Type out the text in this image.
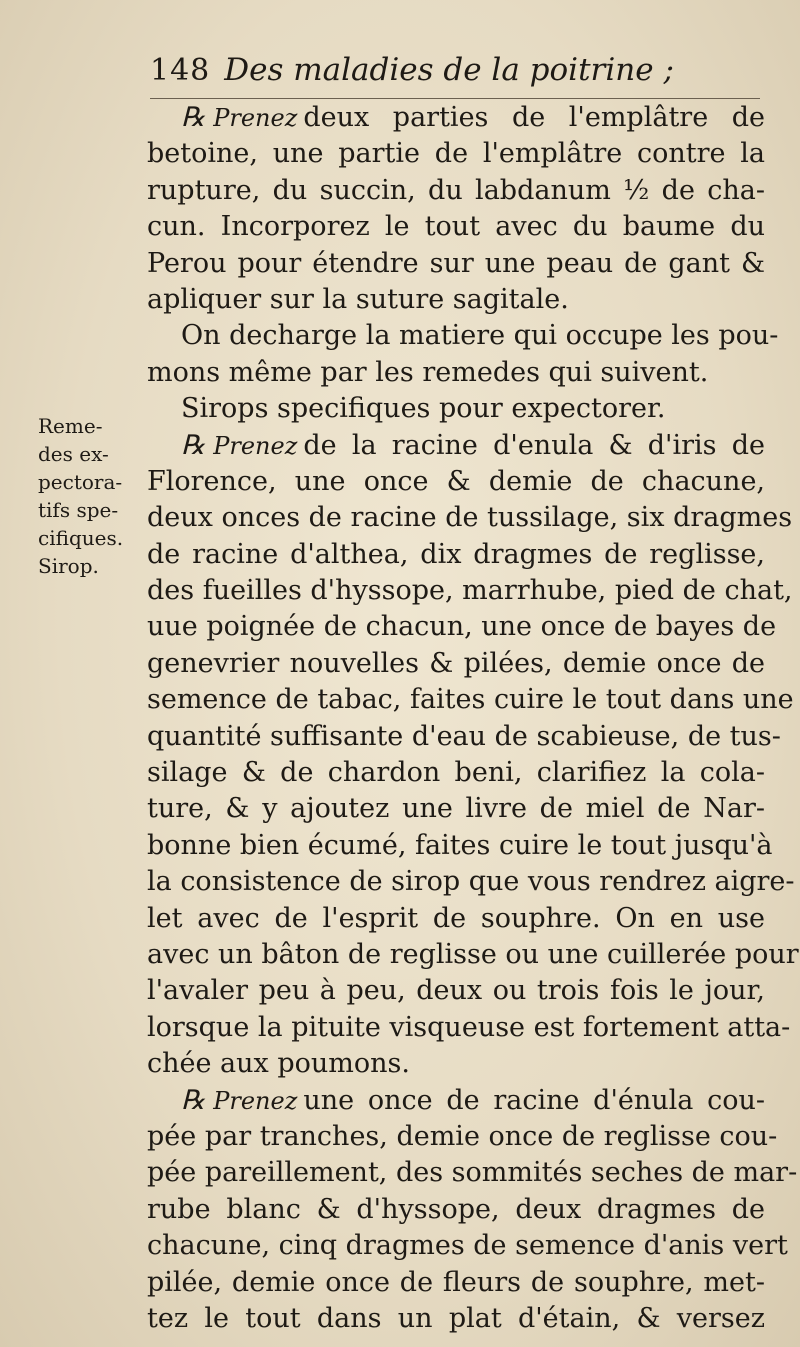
148 Des maladies de la poitrine ;
Reme-
des ex-
pectora-
tifs spe-
cifiques.
Sirop.
℞ Prenez deux parties de l'emplâtre de
betoine, une partie de l'emplâtre contre la
rupture, du succin, du labdanum ½ de cha-
cun. Incorporez le tout avec du baume du
Perou pour étendre sur une peau de gant &
apliquer sur la suture sagitale.
On decharge la matiere qui occupe les pou-
mons même par les remedes qui suivent.
Sirops specifiques pour expectorer.
℞ Prenez de la racine d'enula & d'iris de
Florence, une once & demie de chacune,
deux onces de racine de tussilage, six dragmes
de racine d'althea, dix dragmes de reglisse,
des fueilles d'hyssope, marrhube, pied de chat,
uue poignée de chacun, une once de bayes de
genevrier nouvelles & pilées, demie once de
semence de tabac, faites cuire le tout dans une
quantité suffisante d'eau de scabieuse, de tus-
silage & de chardon beni, clarifiez la cola-
ture, & y ajoutez une livre de miel de Nar-
bonne bien écumé, faites cuire le tout jusqu'à
la consistence de sirop que vous rendrez aigre-
let avec de l'esprit de souphre. On en use
avec un bâton de reglisse ou une cuillerée pour
l'avaler peu à peu, deux ou trois fois le jour,
lorsque la pituite visqueuse est fortement atta-
chée aux poumons.
℞ Prenez une once de racine d'énula cou-
pée par tranches, demie once de reglisse cou-
pée pareillement, des sommités seches de mar-
rube blanc & d'hyssope, deux dragmes de
chacune, cinq dragmes de semence d'anis vert
pilée, demie once de fleurs de souphre, met-
tez le tout dans un plat d'étain, & versez
